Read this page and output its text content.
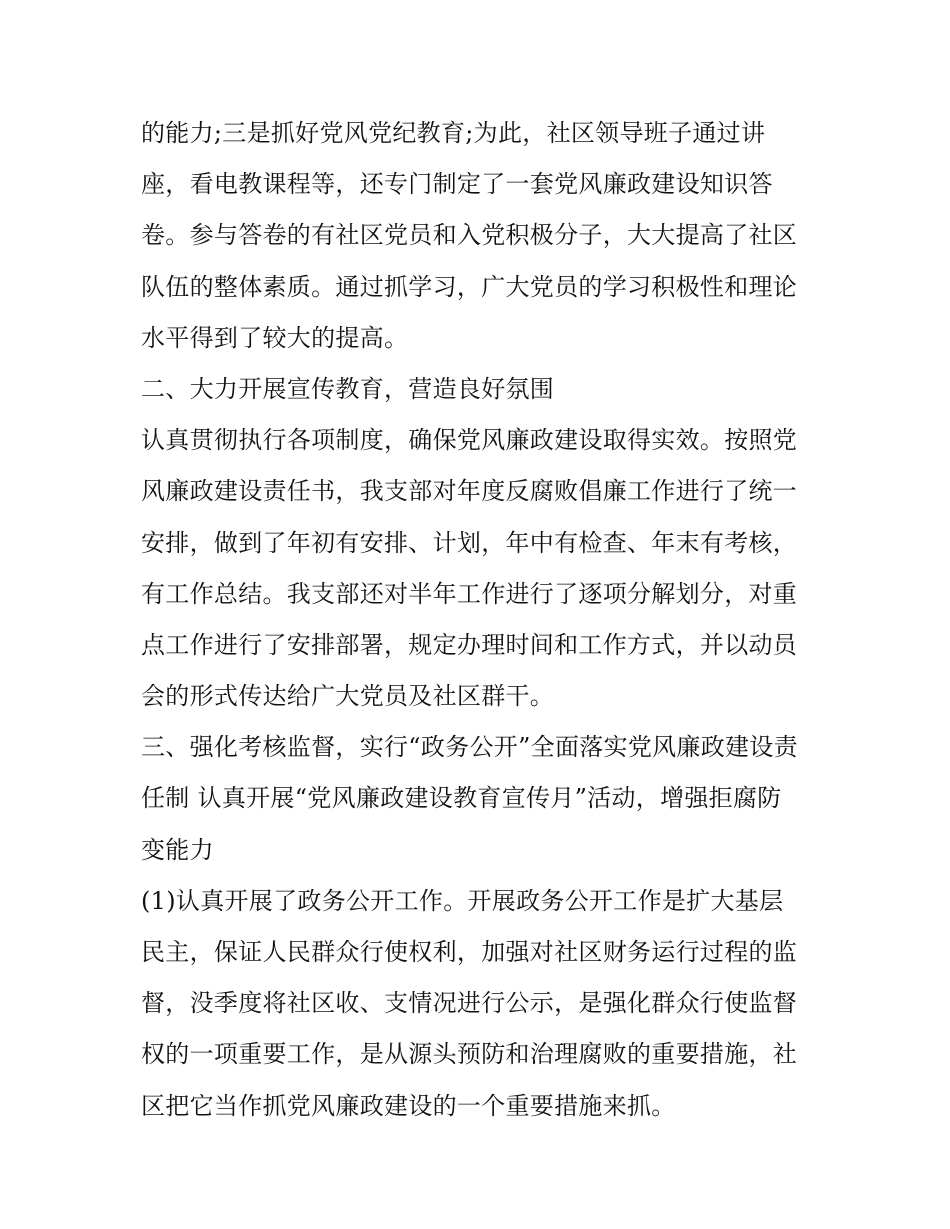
的能力;三是抓好党风党纪教育;为此，社区领导班子通过讲
座，看电教课程等，还专门制定了一套党风廉政建设知识答
卷。参与答卷的有社区党员和入党积极分子，大大提高了社区
队伍的整体素质。通过抓学习，广大党员的学习积极性和理论
水平得到了较大的提高。
二、大力开展宣传教育，营造良好氛围
认真贯彻执行各项制度，确保党风廉政建设取得实效。按照党
风廉政建设责任书，我支部对年度反腐败倡廉工作进行了统一
安排，做到了年初有安排、计划，年中有检查、年末有考核，
有工作总结。我支部还对半年工作进行了逐项分解划分，对重
点工作进行了安排部署，规定办理时间和工作方式，并以动员
会的形式传达给广大党员及社区群干。
三、强化考核监督，实行“政务公开”全面落实党风廉政建设责
任制 认真开展“党风廉政建设教育宣传月”活动，增强拒腐防
变能力
(1)认真开展了政务公开工作。开展政务公开工作是扩大基层
民主，保证人民群众行使权利，加强对社区财务运行过程的监
督，没季度将社区收、支情况进行公示，是强化群众行使监督
权的一项重要工作，是从源头预防和治理腐败的重要措施，社
区把它当作抓党风廉政建设的一个重要措施来抓。
